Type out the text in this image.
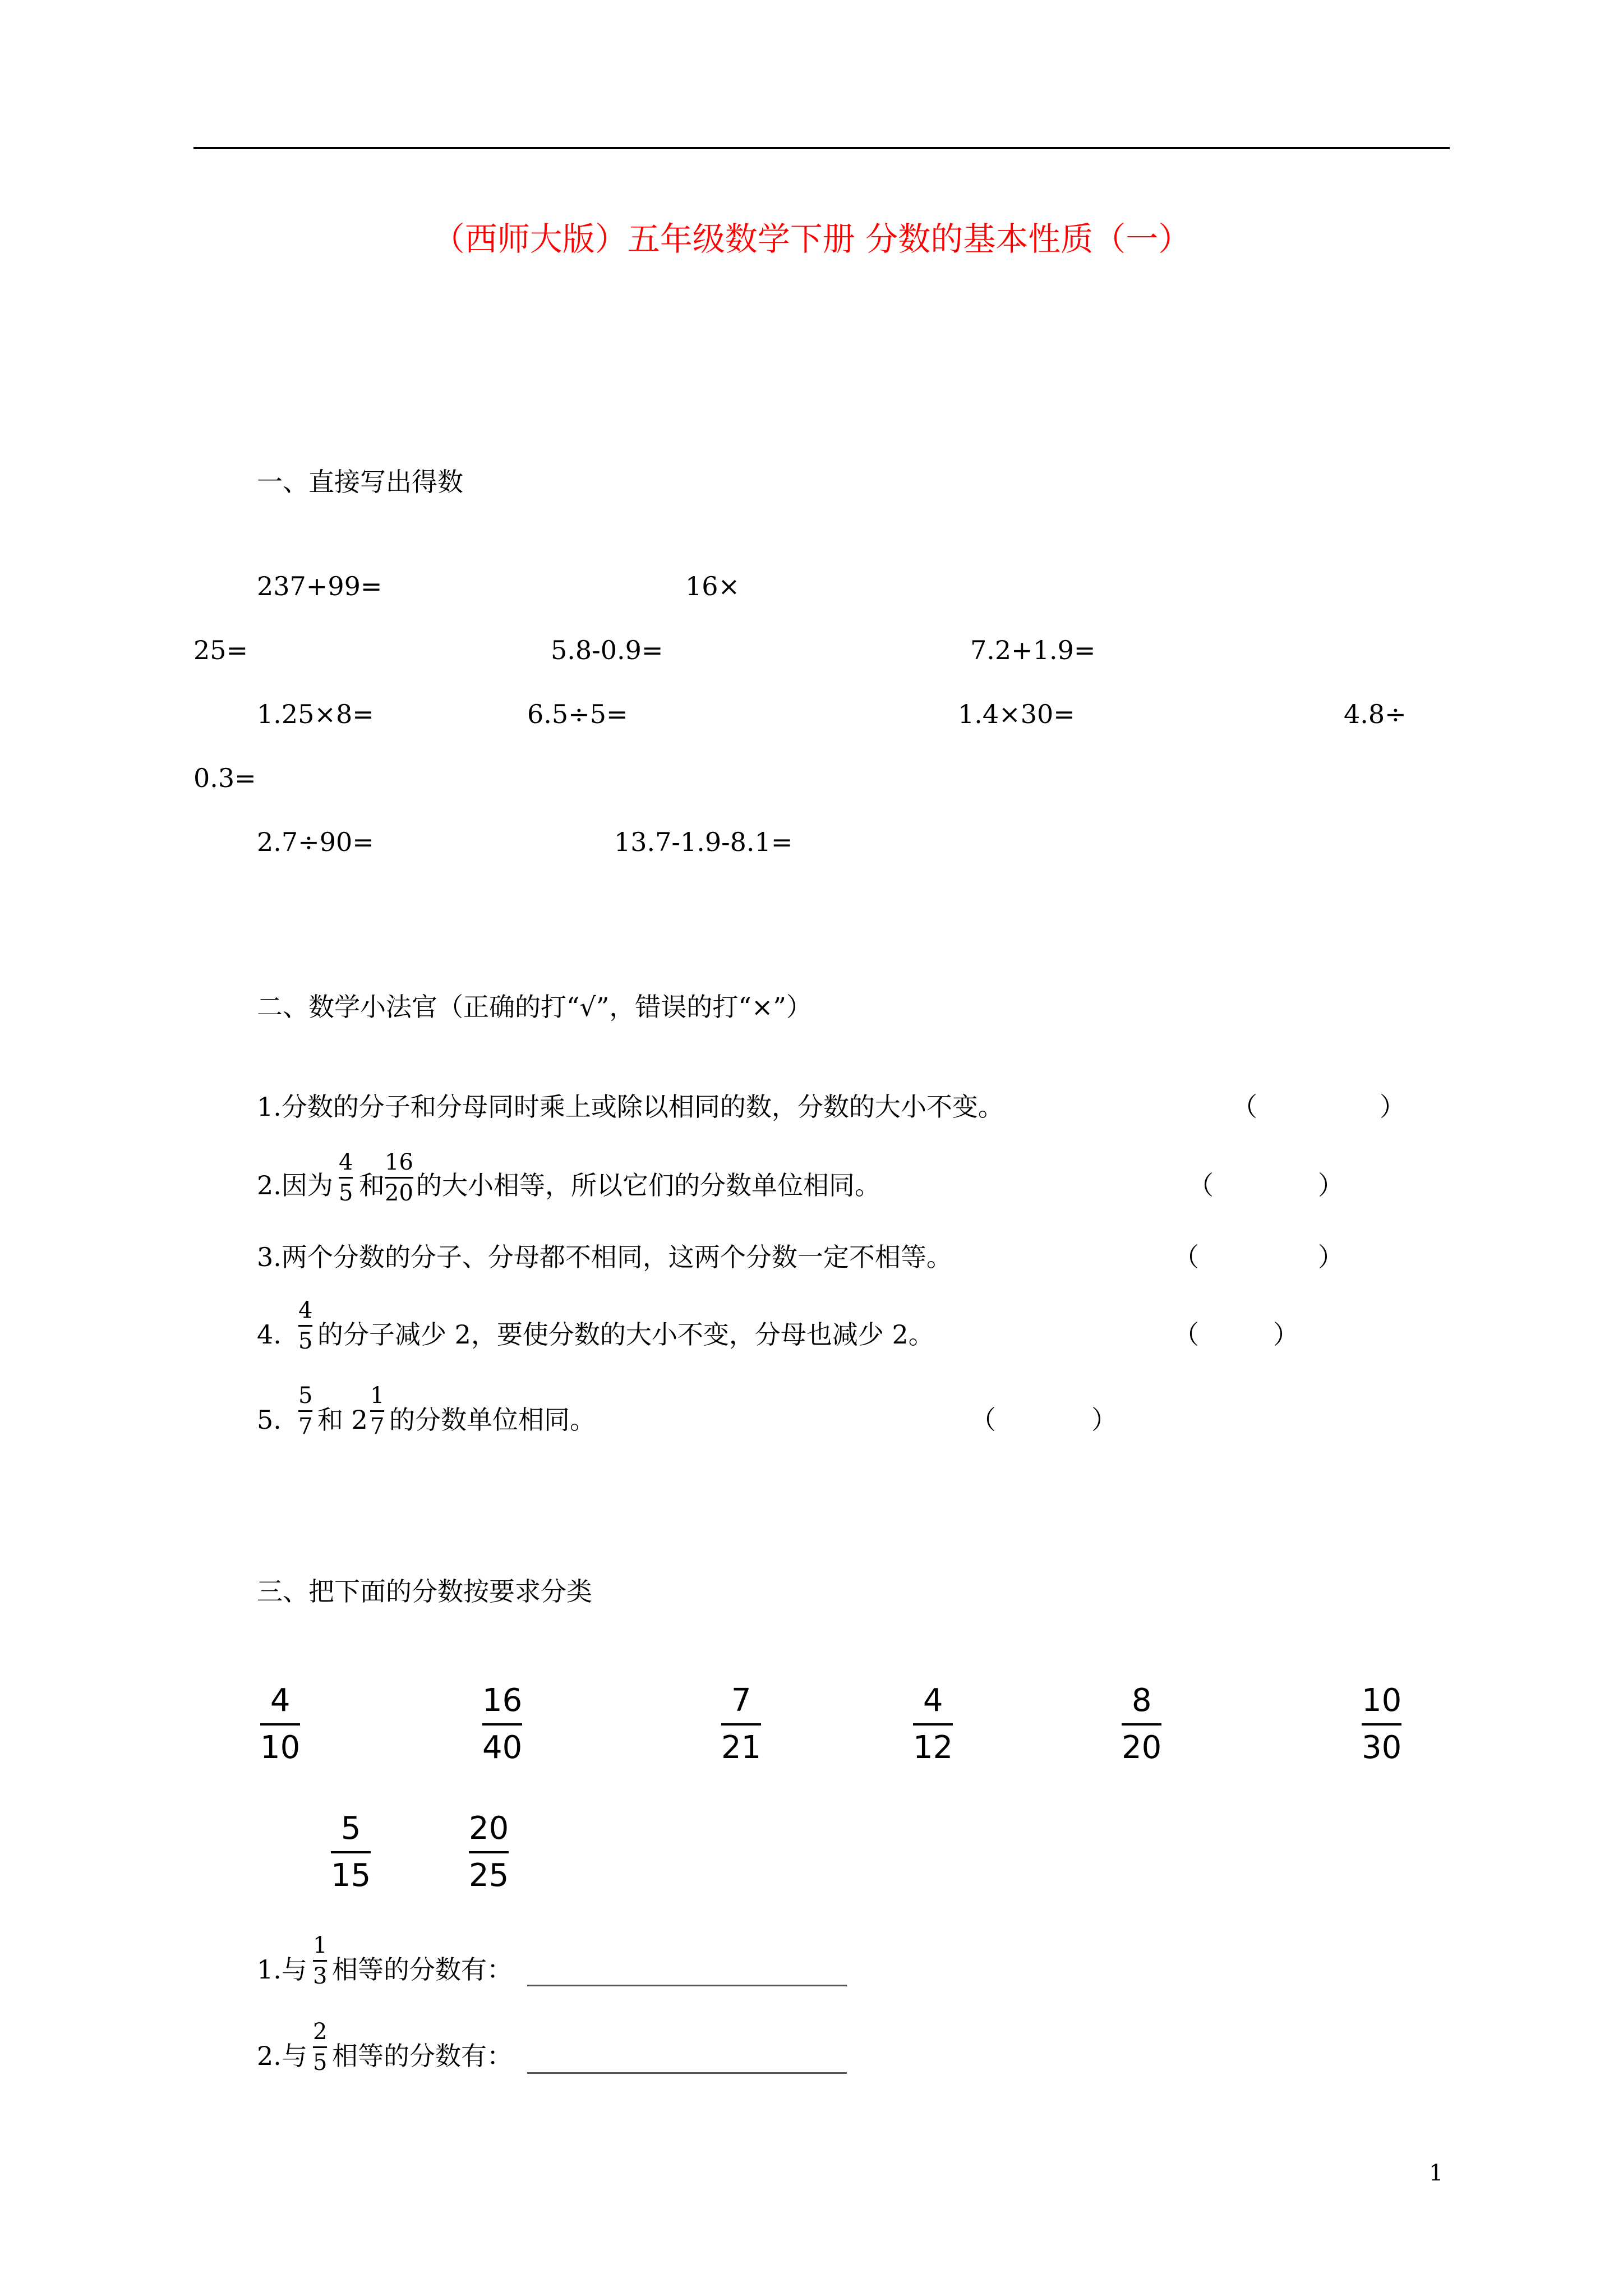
（西师大版）五年级数学下册 分数的基本性质（一）
一、直接写出得数
237+99=	16×
25=	5.8-0.9=	7.2+1.9=
1.25×8=	6.5÷5=	1.4×30=	4.8÷
0.3=
2.7÷90=	13.7-1.9-8.1=
二、数学小法官（正确的打“√”，错误的打“×”）
1.分数的分子和分母同时乘上或除以相同的数，分数的大小不变。	（	）
2.因为
4
5 和
16
20 的大小相等，所以它们的分数单位相同。	（	）
3.两个分数的分子、分母都不相同，这两个分数一定不相等。	（	）
4.
4
5 的分子减少 2，要使分数的大小不变，分母也减少 2。	（	）
5.
5
7 和 2
1
7 的分数单位相同。	（	）
三、把下面的分数按要求分类
4
10
16
40
7
21
4
12
8
20
10
30
5
15
20
25
1.与
1
3 相等的分数有：
2.与
2
5 相等的分数有：
1
